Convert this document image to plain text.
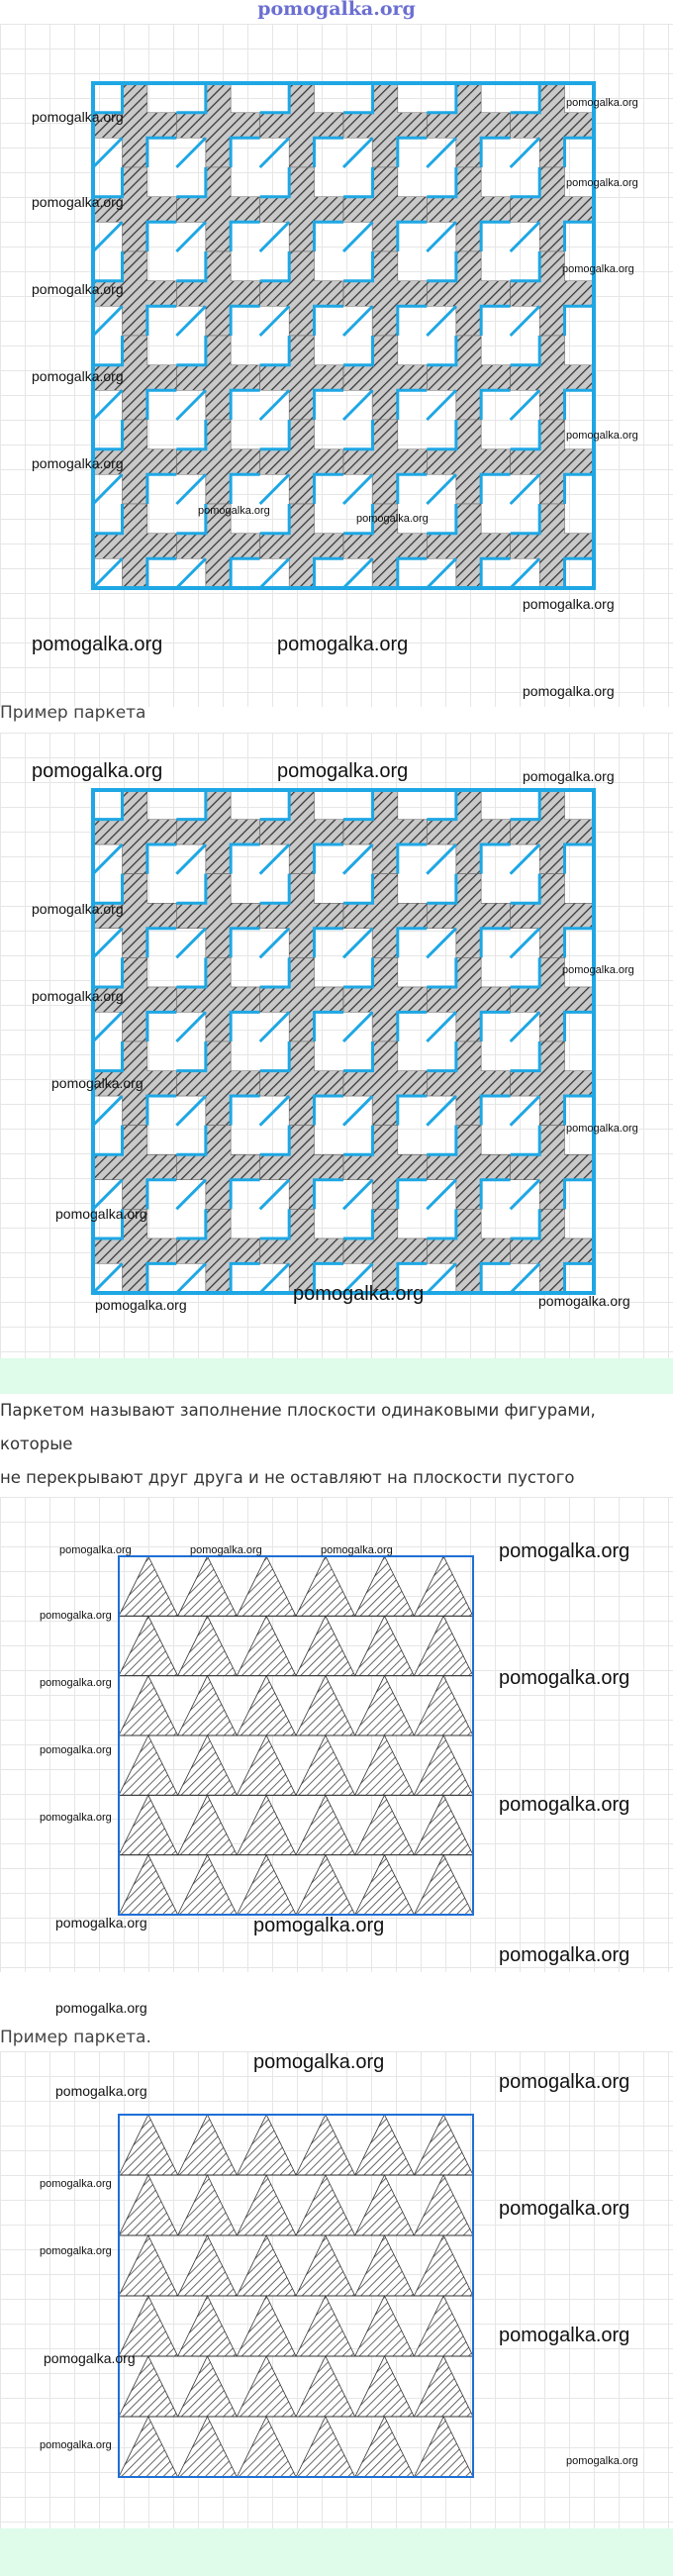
pomogalka.org
pomogalka.org
pomogalka.org
pomogalka.org
pomogalka.org
pomogalka.org
pomogalka.org
pomogalka.org
pomogalka.org
pomogalka.org
pomogalka.org
pomogalka.org
pomogalka.org
pomogalka.org	pomogalka.org
pomogalka.org
Пример паркета
pomogalka.org	pomogalka.org	pomogalka.org
pomogalka.org
pomogalka.org
pomogalka.org
pomogalka.org
pomogalka.org
pomogalka.org
pomogalka.org
pomogalka.org	pomogalka.org
Паркетом называют заполнение плоскости одинаковыми фигурами, которые
не перекрывают друг друга и не оставляют на плоскости пустого
pomogalka.org	pomogalka.org	pomogalka.org	pomogalka.org
pomogalka.org
pomogalka.org	pomogalka.org
pomogalka.org
pomogalka.org
pomogalka.org
pomogalka.org	pomogalka.org
pomogalka.org
pomogalka.org
Пример паркета.
pomogalka.org
pomogalka.org	pomogalka.org
pomogalka.org
pomogalka.org
pomogalka.org
pomogalka.org
pomogalka.org
pomogalka.org
pomogalka.org
